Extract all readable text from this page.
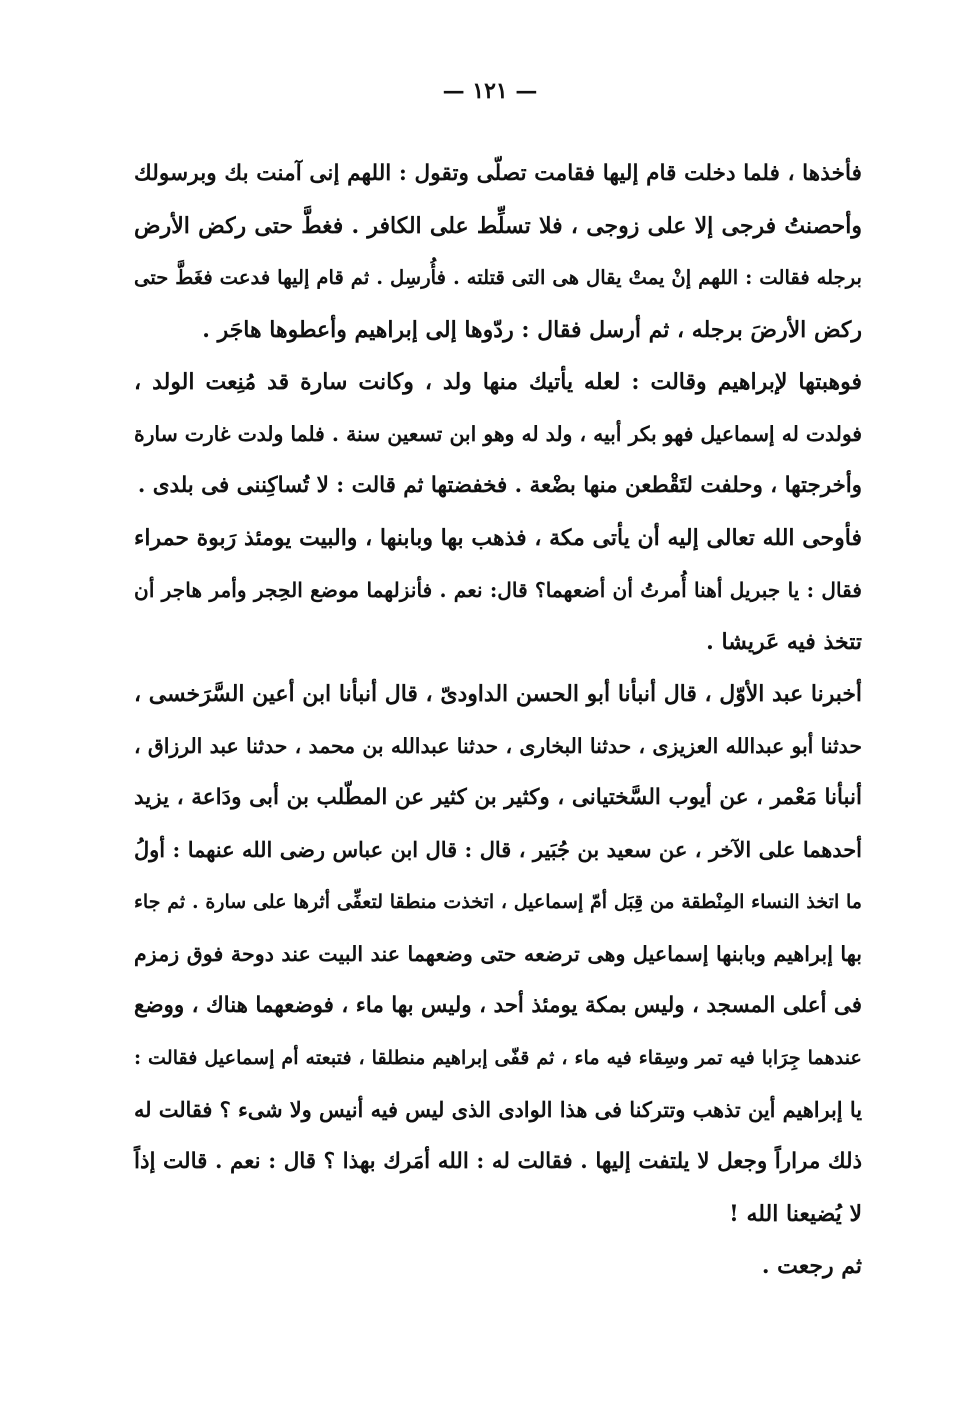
— ١٢١ —
فأخذها ، فلما دخلت قام إليها فقامت تصلّى وتقول : اللهم إنى آمنت بك وبرسولك
وأحصنتُ فرجى إلا على زوجى ، فلا تسلِّط على الكافر . فغطَّ حتى ركض الأرض
برجله فقالت : اللهم إنْ يمتْ يقال هى التى قتلته . فأُرسِل . ثم قام إليها فدعت فغَطَّ حتى
ركض الأرضَ برجله ، ثم أرسل فقال : ردّوها إلى إبراهيم وأعطوها هاجَر .
فوهبتها لإبراهيم وقالت : لعله يأتيك منها ولد ، وكانت سارة قد مُنِعت الولد ،
فولدت له إسماعيل فهو بكر أبيه ، ولد له وهو ابن تسعين سنة . فلما ولدت غارت سارة
وأخرجتها ، وحلفت لتَقْطعن منها بضْعة . فخفضتها ثم قالت : لا تُساكِننى فى بلدى .
فأوحى الله تعالى إليه أن يأتى مكة ، فذهب بها وبابنها ، والبيت يومئذ رَبوة حمراء
فقال : يا جبريل أهنا أُمرتُ أن أضعهما؟ قال: نعم . فأنزلهما موضع الحِجر وأمر هاجر أن
تتخذ فيه عَريشا .
أخبرنا عبد الأوّل ، قال أنبأنا أبو الحسن الداودىّ ، قال أنبأنا ابن أعين السَّرَخسى ،
حدثنا أبو عبدالله العزيزى ، حدثنا البخارى ، حدثنا عبدالله بن محمد ، حدثنا عبد الرزاق ،
أنبأنا مَعْمر ، عن أيوب السَّختيانى ، وكثير بن كثير عن المطّلب بن أبى ودَاعة ، يزيد
أحدهما على الآخر ، عن سعيد بن جُبَير ، قال : قال ابن عباس رضى الله عنهما : أولُ
ما اتخذ النساء المِنْطقة من قِبَل أمّ إسماعيل ، اتخذت منطقا لتعفِّى أثرها على سارة . ثم جاء
بها إبراهيم وبابنها إسماعيل وهى ترضعه حتى وضعهما عند البيت عند دوحة فوق زمزم
فى أعلى المسجد ، وليس بمكة يومئذ أحد ، وليس بها ماء ، فوضعهما هناك ، ووضع
عندهما جِرَابا فيه تمر وسِقاء فيه ماء ، ثم قفّى إبراهيم منطلقا ، فتبعته أم إسماعيل فقالت :
يا إبراهيم أين تذهب وتتركنا فى هذا الوادى الذى ليس فيه أنيس ولا شىء ؟ فقالت له
ذلك مراراً وجعل لا يلتفت إليها . فقالت له : الله أمَرك بهذا ؟ قال : نعم . قالت إذاً
لا يُضيعنا الله !
ثم رجعت .
